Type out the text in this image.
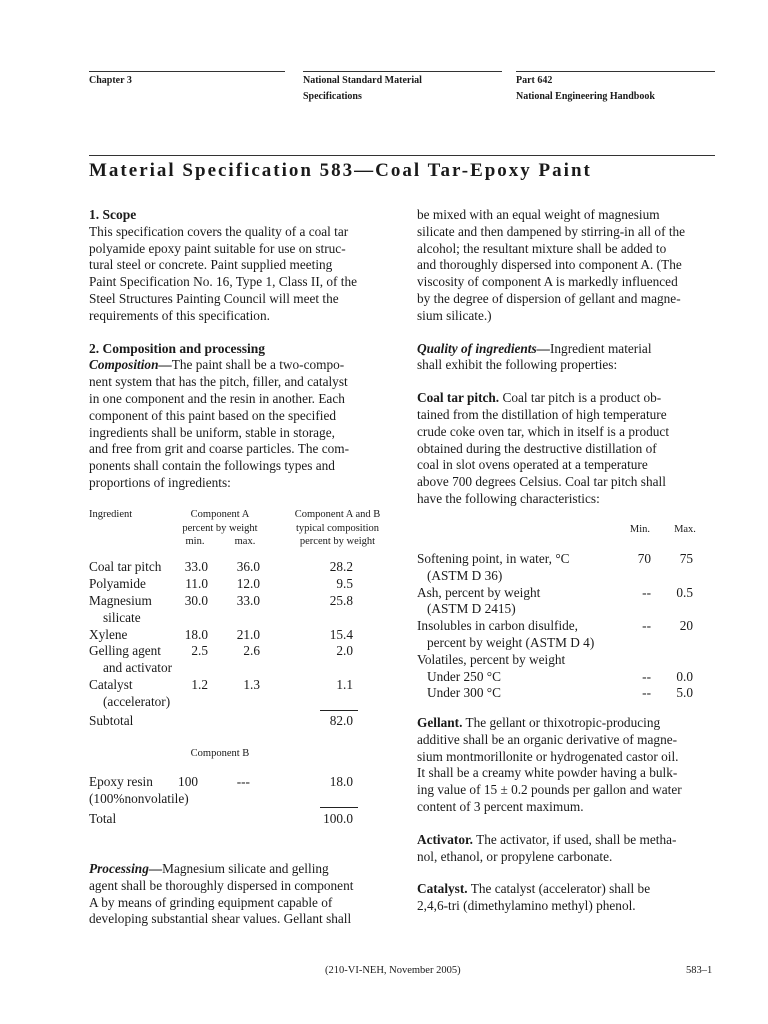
Chapter 3	National Standard Material
Specifications
Part 642
National Engineering Handbook
Material Specification 583—Coal Tar-Epoxy Paint

1. Scope

This specification covers the quality of a coal tar

polyamide epoxy paint suitable for use on struc-

tural steel or concrete. Paint supplied meeting

Paint Specification No. 16, Type 1, Class II, of the

Steel Structures Painting Council will meet the

requirements of this specification.

2. Composition and processing

Composition—The paint shall be a two-compo-

nent system that has the pitch, filler, and catalyst

in one component and the resin in another. Each

component of this paint based on the specified

ingredients shall be uniform, stable in storage,

and free from grit and coarse particles. The com-

ponents shall contain the followings types and

proportions of ingredients:

Ingredient	Component A
percent by weight
min.	max.
Component A and B
typical composition
percent by weight
Coal tar pitch	33.0	36.0	28.2
Polyamide	11.0	12.0	9.5
Magnesium
silicate
30.0	33.0	25.8
Xylene	18.0	21.0	15.4
Gelling agent
and activator
2.5	2.6	2.0
Catalyst
(accelerator)
1.2	1.3	1.1
Subtotal	82.0
Component B
Epoxy resin
(100%nonvolatile)
100	---	18.0
Total	100.0

Processing—Magnesium silicate and gelling

agent shall be thoroughly dispersed in component

A by means of grinding equipment capable of

developing substantial shear values. Gellant shall

be mixed with an equal weight of magnesium

silicate and then dampened by stirring-in all of the

alcohol; the resultant mixture shall be added to

and thoroughly dispersed into component A. (The

viscosity of component A is markedly influenced

by the degree of dispersion of gellant and magne-

sium silicate.)

Quality of ingredients—Ingredient material

shall exhibit the following properties:

Coal tar pitch. Coal tar pitch is a product ob-

tained from the distillation of high temperature

crude coke oven tar, which in itself is a product

obtained during the destructive distillation of

coal in slot ovens operated at a temperature

above 700 degrees Celsius. Coal tar pitch shall

have the following characteristics:

Min.	Max.

Softening point, in water, °C	70	75

(ASTM D 36)

Ash, percent by weight	--	0.5

(ASTM D 2415)

Insolubles in carbon disulfide,	--	20

percent by weight (ASTM D 4)

Volatiles, percent by weight

Under 250 °C	--	0.0

Under 300 °C	--	5.0

Gellant. The gellant or thixotropic-producing

additive shall be an organic derivative of magne-

sium montmorillonite or hydrogenated castor oil.

It shall be a creamy white powder having a bulk-

ing value of 15 ± 0.2 pounds per gallon and water

content of 3 percent maximum.

Activator. The activator, if used, shall be metha-

nol, ethanol, or propylene carbonate.

Catalyst. The catalyst (accelerator) shall be

2,4,6-tri (dimethylamino methyl) phenol.

(210-VI-NEH, November 2005)	583–1
